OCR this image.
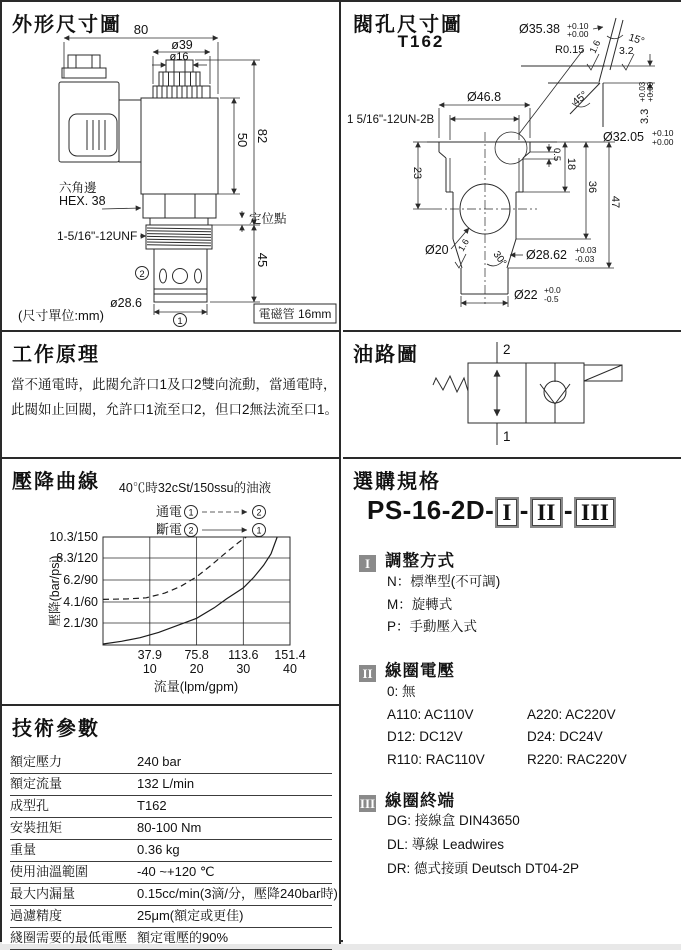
外形尺寸圖 80
ø39
ø16
50 82
六角邊
HEX. 38
定位點
1-5/16"-12UNF
45
ø28.6
2
1
(尺寸單位:mm)	電磁管 16mm
閥孔尺寸圖
T162
Ø35.38 +0.10
+0.00	15°
R0.15 1.6 3.2
3.3
+0.03 +0.00
45°
Ø32.05 +0.10
+0.00
Ø46.8
1 5/16"-12UN-2B
23
0.5
18
36
47
Ø20 1.6
30° Ø28.62 +0.03
-0.03
Ø22 +0.0
-0.5
工作原理
當不通電時，此閥允許口1及口2雙向流動，當通電時，
此閥如止回閥，允許口1流至口2，但口2無法流至口1。
油路圖	2
1
壓降曲線 40℃時32cSt/150ssu的油液
通電 1	2
斷電 2	1
37.9
10
75.8
20
113.6
30
151.4
40
2.1/30
4.1/60
6.2/90
8.3/120
10.3/150
流量(lpm/gpm)
壓降(bar/psi)
技術參數
額定壓力	240 bar
額定流量	132 L/min
成型孔	T162
安裝扭矩	80-100 Nm
重量	0.36 kg
使用油溫範圍	-40 ~+120 ℃
最大内漏量	0.15cc/min(3滴/分，壓降240bar時)
過濾精度	25μm(額定或更佳)
綫圈需要的最低電壓 額定電壓的90%
選購規格
PS-16-2D- I - II - III
I 調整方式
N：標準型(不可調)
M：旋轉式
P：手動壓入式
II 線圈電壓
0: 無
A110: AC110V	A220: AC220V
D12: DC12V	D24: DC24V
R110: RAC110V	R220: RAC220V
III 線圈終端
DG: 接線盒 DIN43650
DL: 導線 Leadwires
DR: 德式接頭 Deutsch DT04-2P
